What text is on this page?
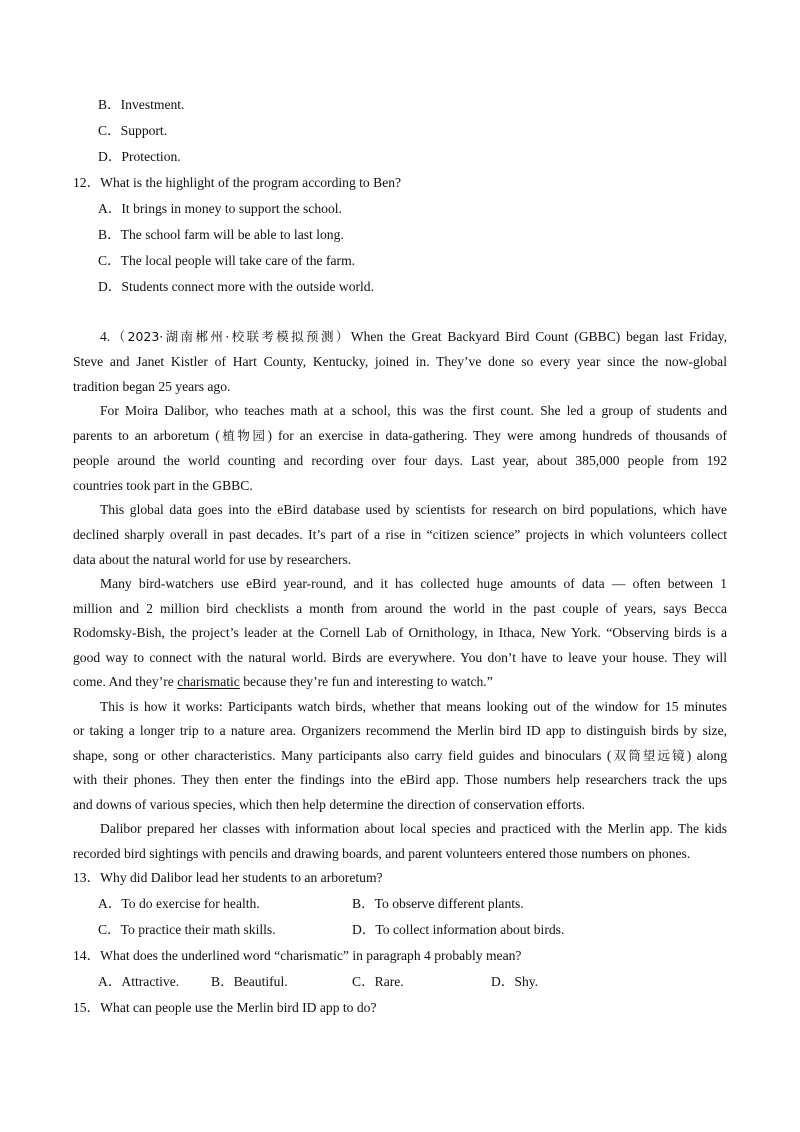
B．Investment.
C．Support.
D．Protection.
12．What is the highlight of the program according to Ben?
A．It brings in money to support the school.
B．The school farm will be able to last long.
C．The local people will take care of the farm.
D．Students connect more with the outside world.
4.（2023·湖南郴州·校联考模拟预测）When the Great Backyard Bird Count (GBBC) began last Friday,
Steve and Janet Kistler of Hart County, Kentucky, joined in. They’ve done so every year since the now-global
tradition began 25 years ago.
For Moira Dalibor, who teaches math at a school, this was the first count. She led a group of students and
parents to an arboretum (植物园) for an exercise in data-gathering. They were among hundreds of thousands of
people around the world counting and recording over four days. Last year, about 385,000 people from 192
countries took part in the GBBC.
This global data goes into the eBird database used by scientists for research on bird populations, which have
declined sharply overall in past decades. It’s part of a rise in “citizen science” projects in which volunteers collect
data about the natural world for use by researchers.
Many bird-watchers use eBird year-round, and it has collected huge amounts of data — often between 1
million and 2 million bird checklists a month from around the world in the past couple of years, says Becca
Rodomsky-Bish, the project’s leader at the Cornell Lab of Ornithology, in Ithaca, New York. “Observing birds is a
good way to connect with the natural world. Birds are everywhere. You don’t have to leave your house. They will
come. And they’re charismatic because they’re fun and interesting to watch.”
This is how it works: Participants watch birds, whether that means looking out of the window for 15 minutes
or taking a longer trip to a nature area. Organizers recommend the Merlin bird ID app to distinguish birds by size,
shape, song or other characteristics. Many participants also carry field guides and binoculars (双筒望远镜) along
with their phones. They then enter the findings into the eBird app. Those numbers help researchers track the ups
and downs of various species, which then help determine the direction of conservation efforts.
Dalibor prepared her classes with information about local species and practiced with the Merlin app. The kids
recorded bird sightings with pencils and drawing boards, and parent volunteers entered those numbers on phones.
13．Why did Dalibor lead her students to an arboretum?
A．To do exercise for health.	B．To observe different plants.
C．To practice their math skills.	D．To collect information about birds.
14．What does the underlined word “charismatic” in paragraph 4 probably mean?
A．Attractive. B．Beautiful.	C．Rare.	D．Shy.
15．What can people use the Merlin bird ID app to do?
